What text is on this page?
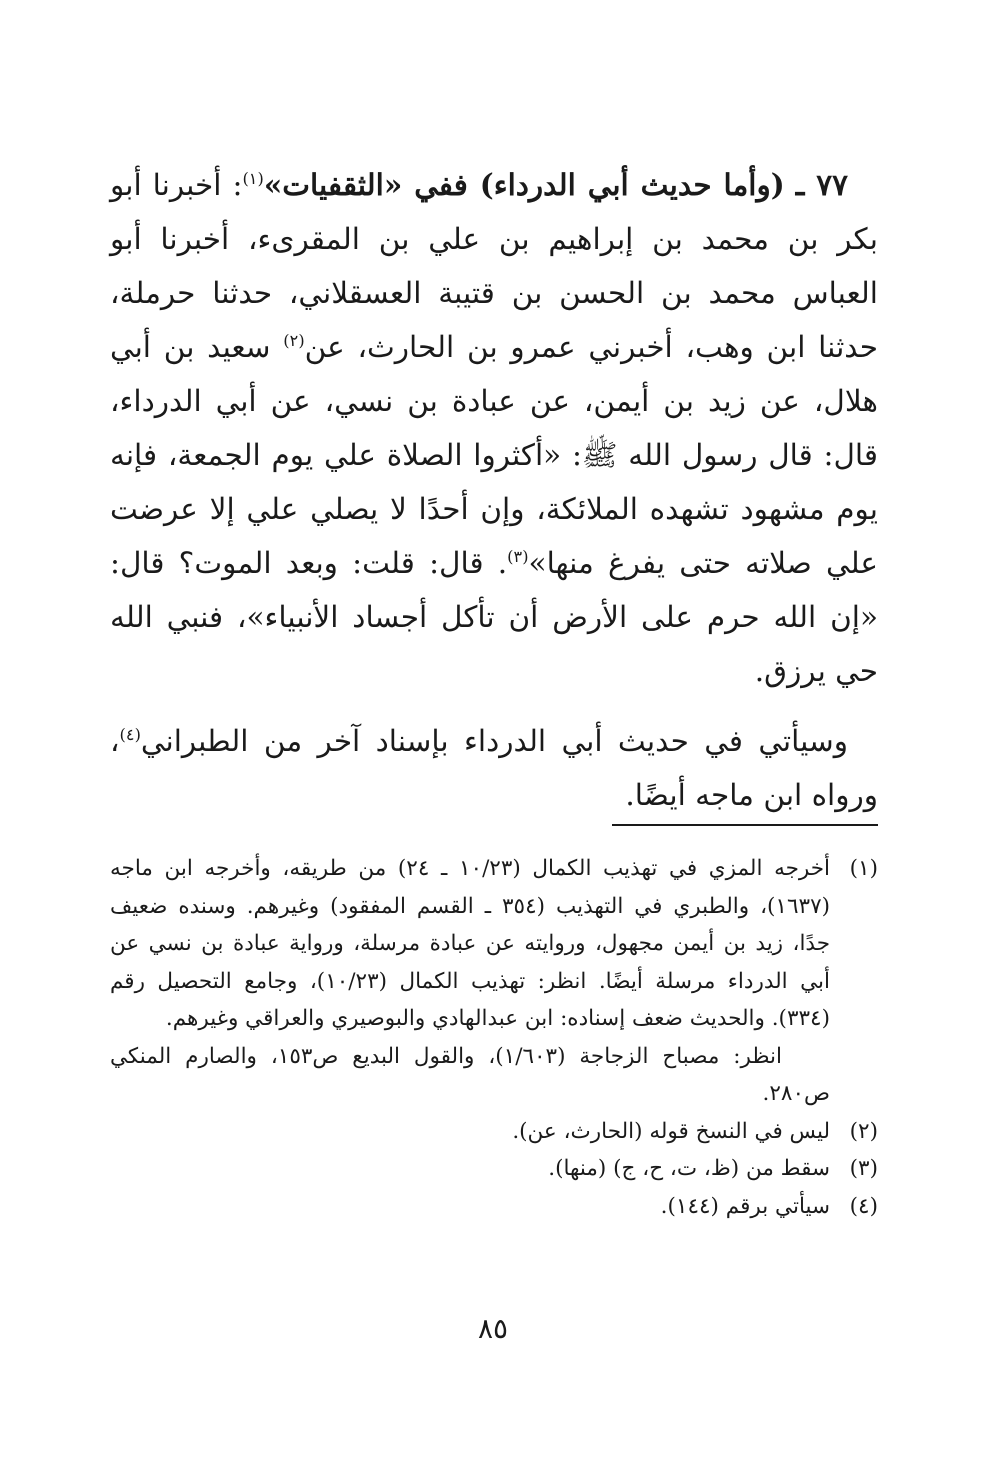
٧٧ ـ (وأما حديث أبي الدرداء) ففي «الثقفيات»$^{(١)}$: أخبرنا أبو بكر بن محمد بن إبراهيم بن علي بن المقرىء، أخبرنا أبو العباس محمد بن الحسن بن قتيبة العسقلاني، حدثنا حرملة، حدثنا ابن وهب، أخبرني عمرو بن الحارث، عن$^{(٢)}$ سعيد بن أبي هلال، عن زيد بن أيمن، عن عبادة بن نسي، عن أبي الدرداء، قال: قال رسول الله ﷺ: «أكثروا الصلاة علي يوم الجمعة، فإنه يوم مشهود تشهده الملائكة، وإن أحدًا لا يصلي علي إلا عرضت علي صلاته حتى يفرغ منها»$^{(٣)}$. قال: قلت: وبعد الموت؟ قال: «إن الله حرم على الأرض أن تأكل أجساد الأنبياء»، فنبي الله حي يرزق.

وسيأتي في حديث أبي الدرداء بإسناد آخر من الطبراني$^{(٤)}$، ورواه ابن ماجه أيضًا.

(١)

أخرجه المزي في تهذيب الكمال (١٠/٢٣ ـ ٢٤) من طريقه، وأخرجه ابن ماجه (١٦٣٧)، والطبري في التهذيب (٣٥٤ ـ القسم المفقود) وغيرهم. وسنده ضعيف جدًا، زيد بن أيمن مجهول، وروايته عن عبادة مرسلة، ورواية عبادة بن نسي عن أبي الدرداء مرسلة أيضًا. انظر: تهذيب الكمال (١٠/٢٣)، وجامع التحصيل رقم (٣٣٤). والحديث ضعف إسناده: ابن عبدالهادي والبوصيري والعراقي وغيرهم.

انظر: مصباح الزجاجة (١/٦٠٣)، والقول البديع ص١٥٣، والصارم المنكي ص٢٨٠.

(٢)

ليس في النسخ قوله (الحارث، عن).

(٣)

سقط من (ظ، ت، ح، ج) (منها).

(٤)

سيأتي برقم (١٤٤).

٨٥
